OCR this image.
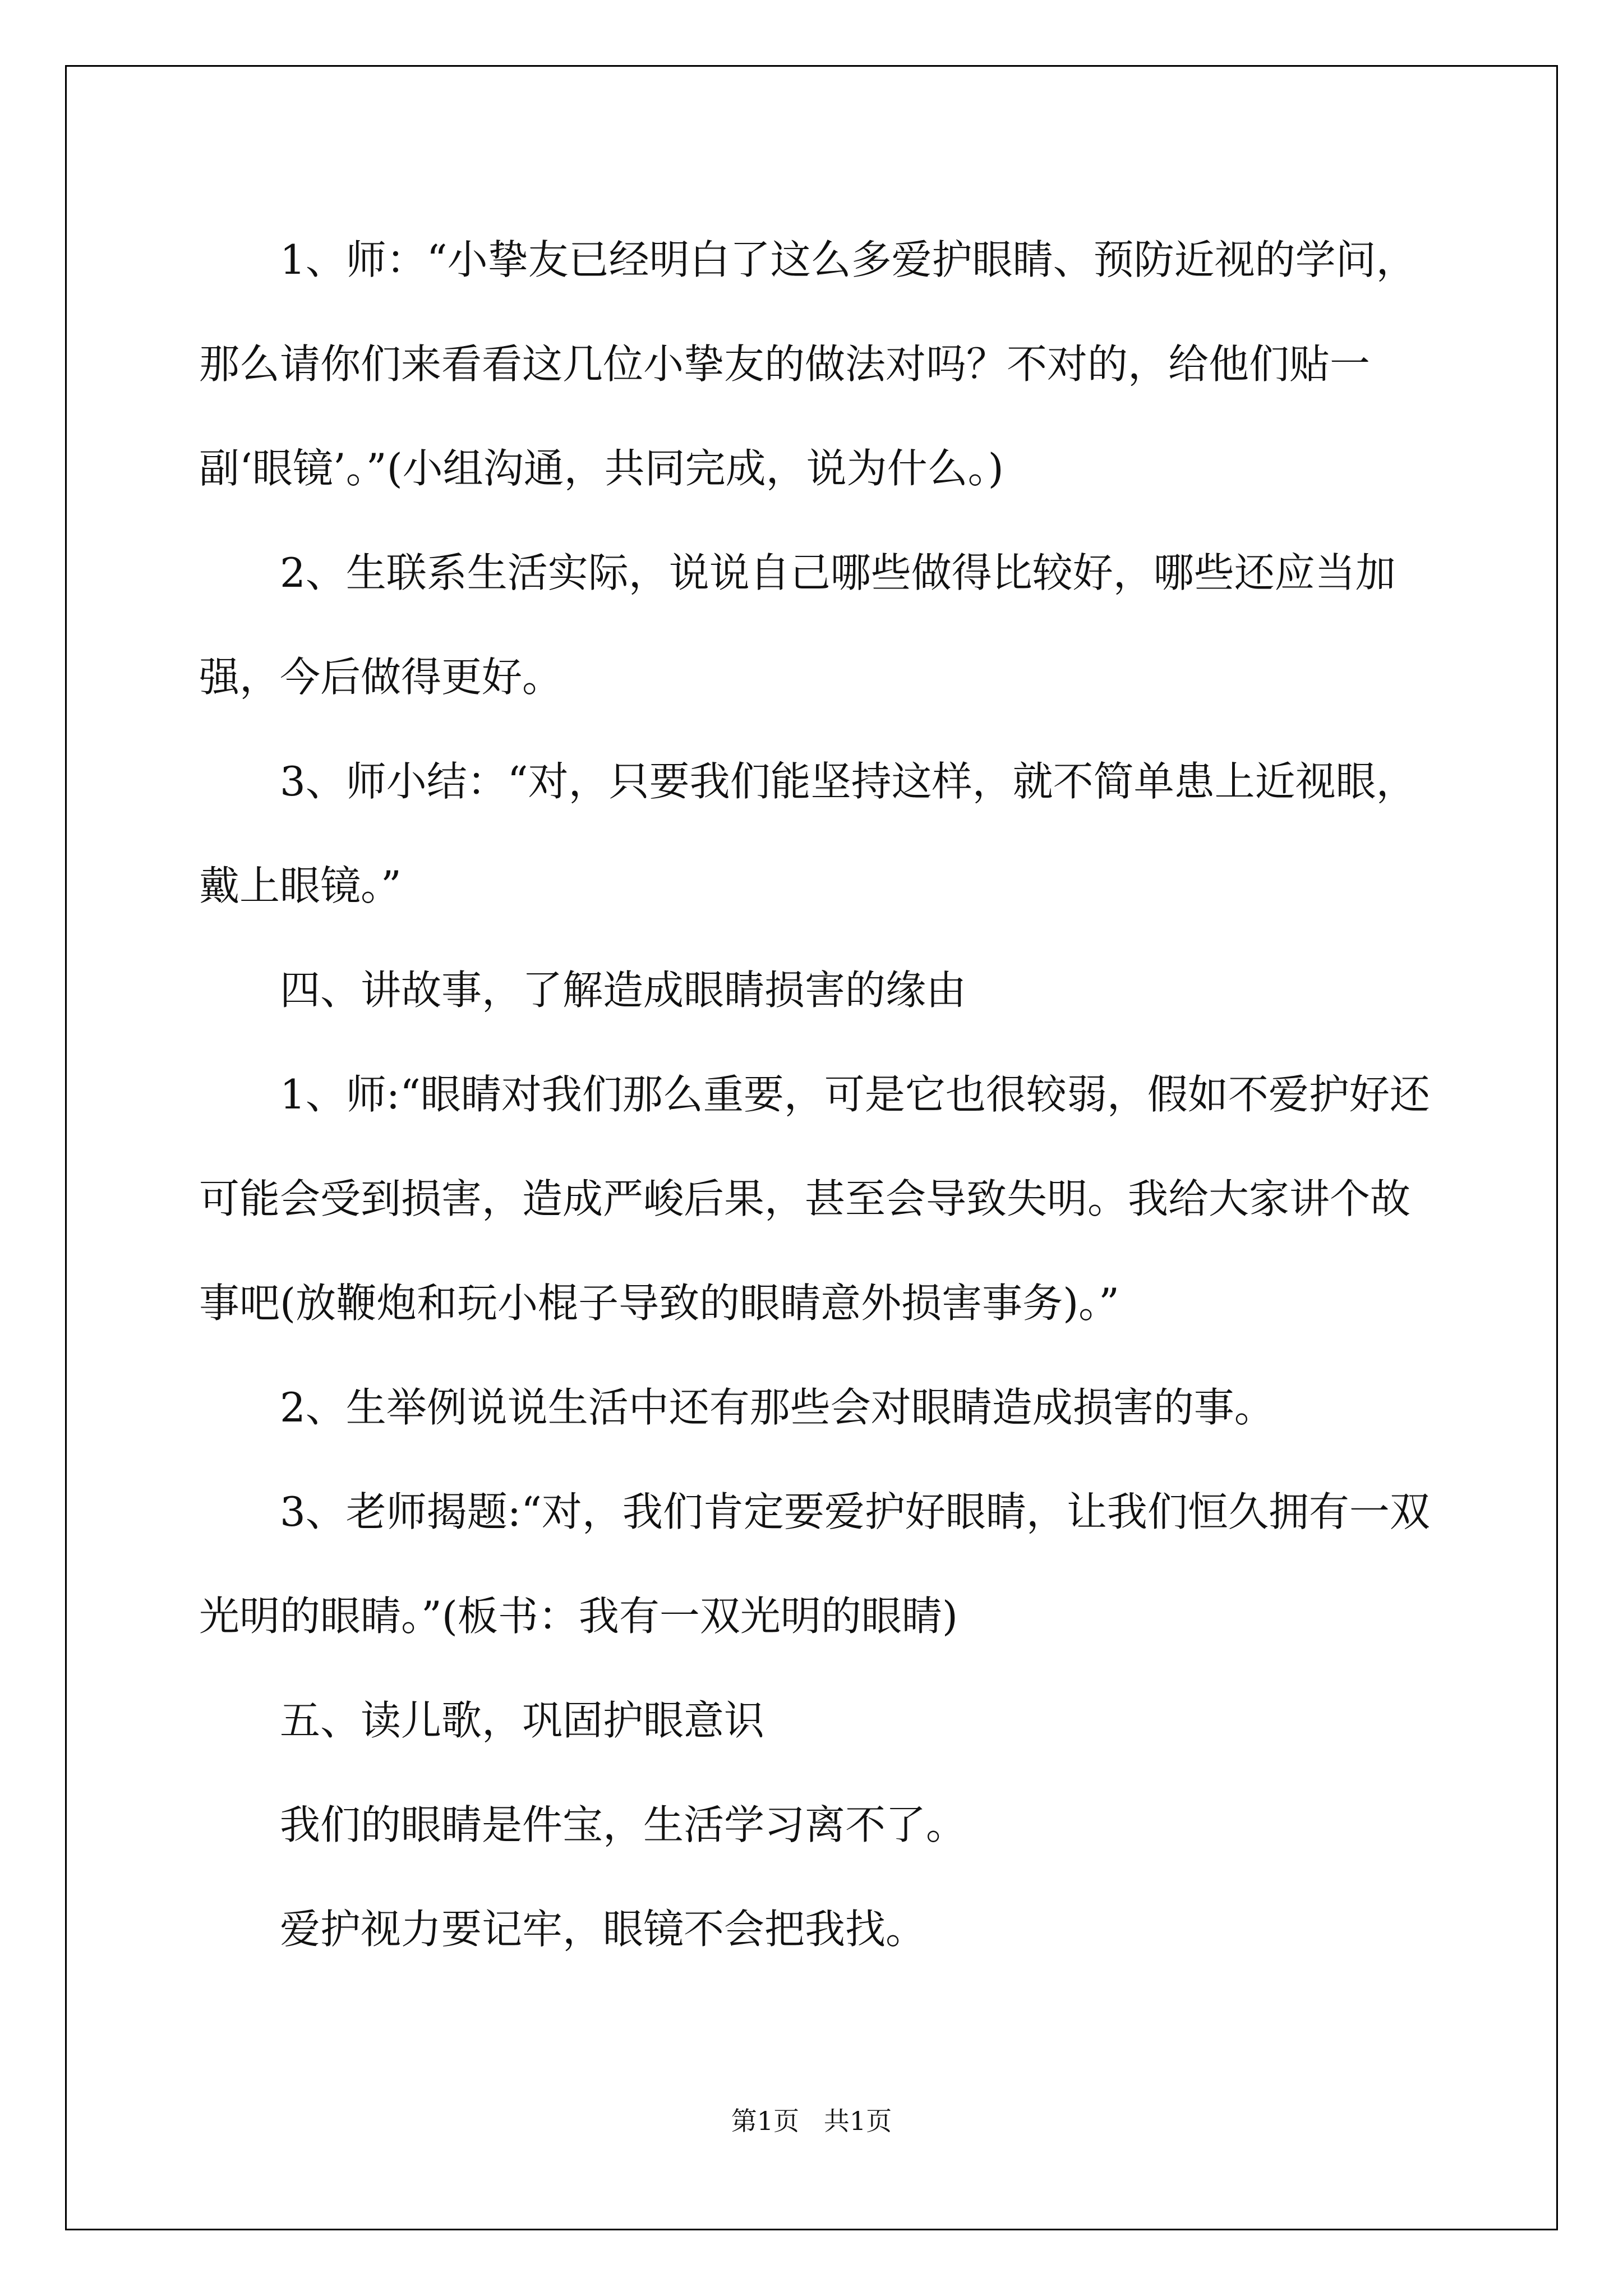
1、师：“小挚友已经明白了这么多爱护眼睛、预防近视的学问，那么请你们来看看这几位小挚友的做法对吗？不对的，给他们贴一副‘眼镜’。”(小组沟通，共同完成，说为什么。)

2、生联系生活实际，说说自己哪些做得比较好，哪些还应当加强，今后做得更好。

3、师小结：“对，只要我们能坚持这样，就不简单患上近视眼，戴上眼镜。”

四、讲故事，了解造成眼睛损害的缘由

1、师:“眼睛对我们那么重要，可是它也很较弱，假如不爱护好还可能会受到损害，造成严峻后果，甚至会导致失明。我给大家讲个故事吧(放鞭炮和玩小棍子导致的眼睛意外损害事务)。”

2、生举例说说生活中还有那些会对眼睛造成损害的事。

3、老师揭题:“对，我们肯定要爱护好眼睛，让我们恒久拥有一双光明的眼睛。”(板书：我有一双光明的眼睛)

五、读儿歌，巩固护眼意识

我们的眼睛是件宝，生活学习离不了。

爱护视力要记牢，眼镜不会把我找。

第1页   共1页
